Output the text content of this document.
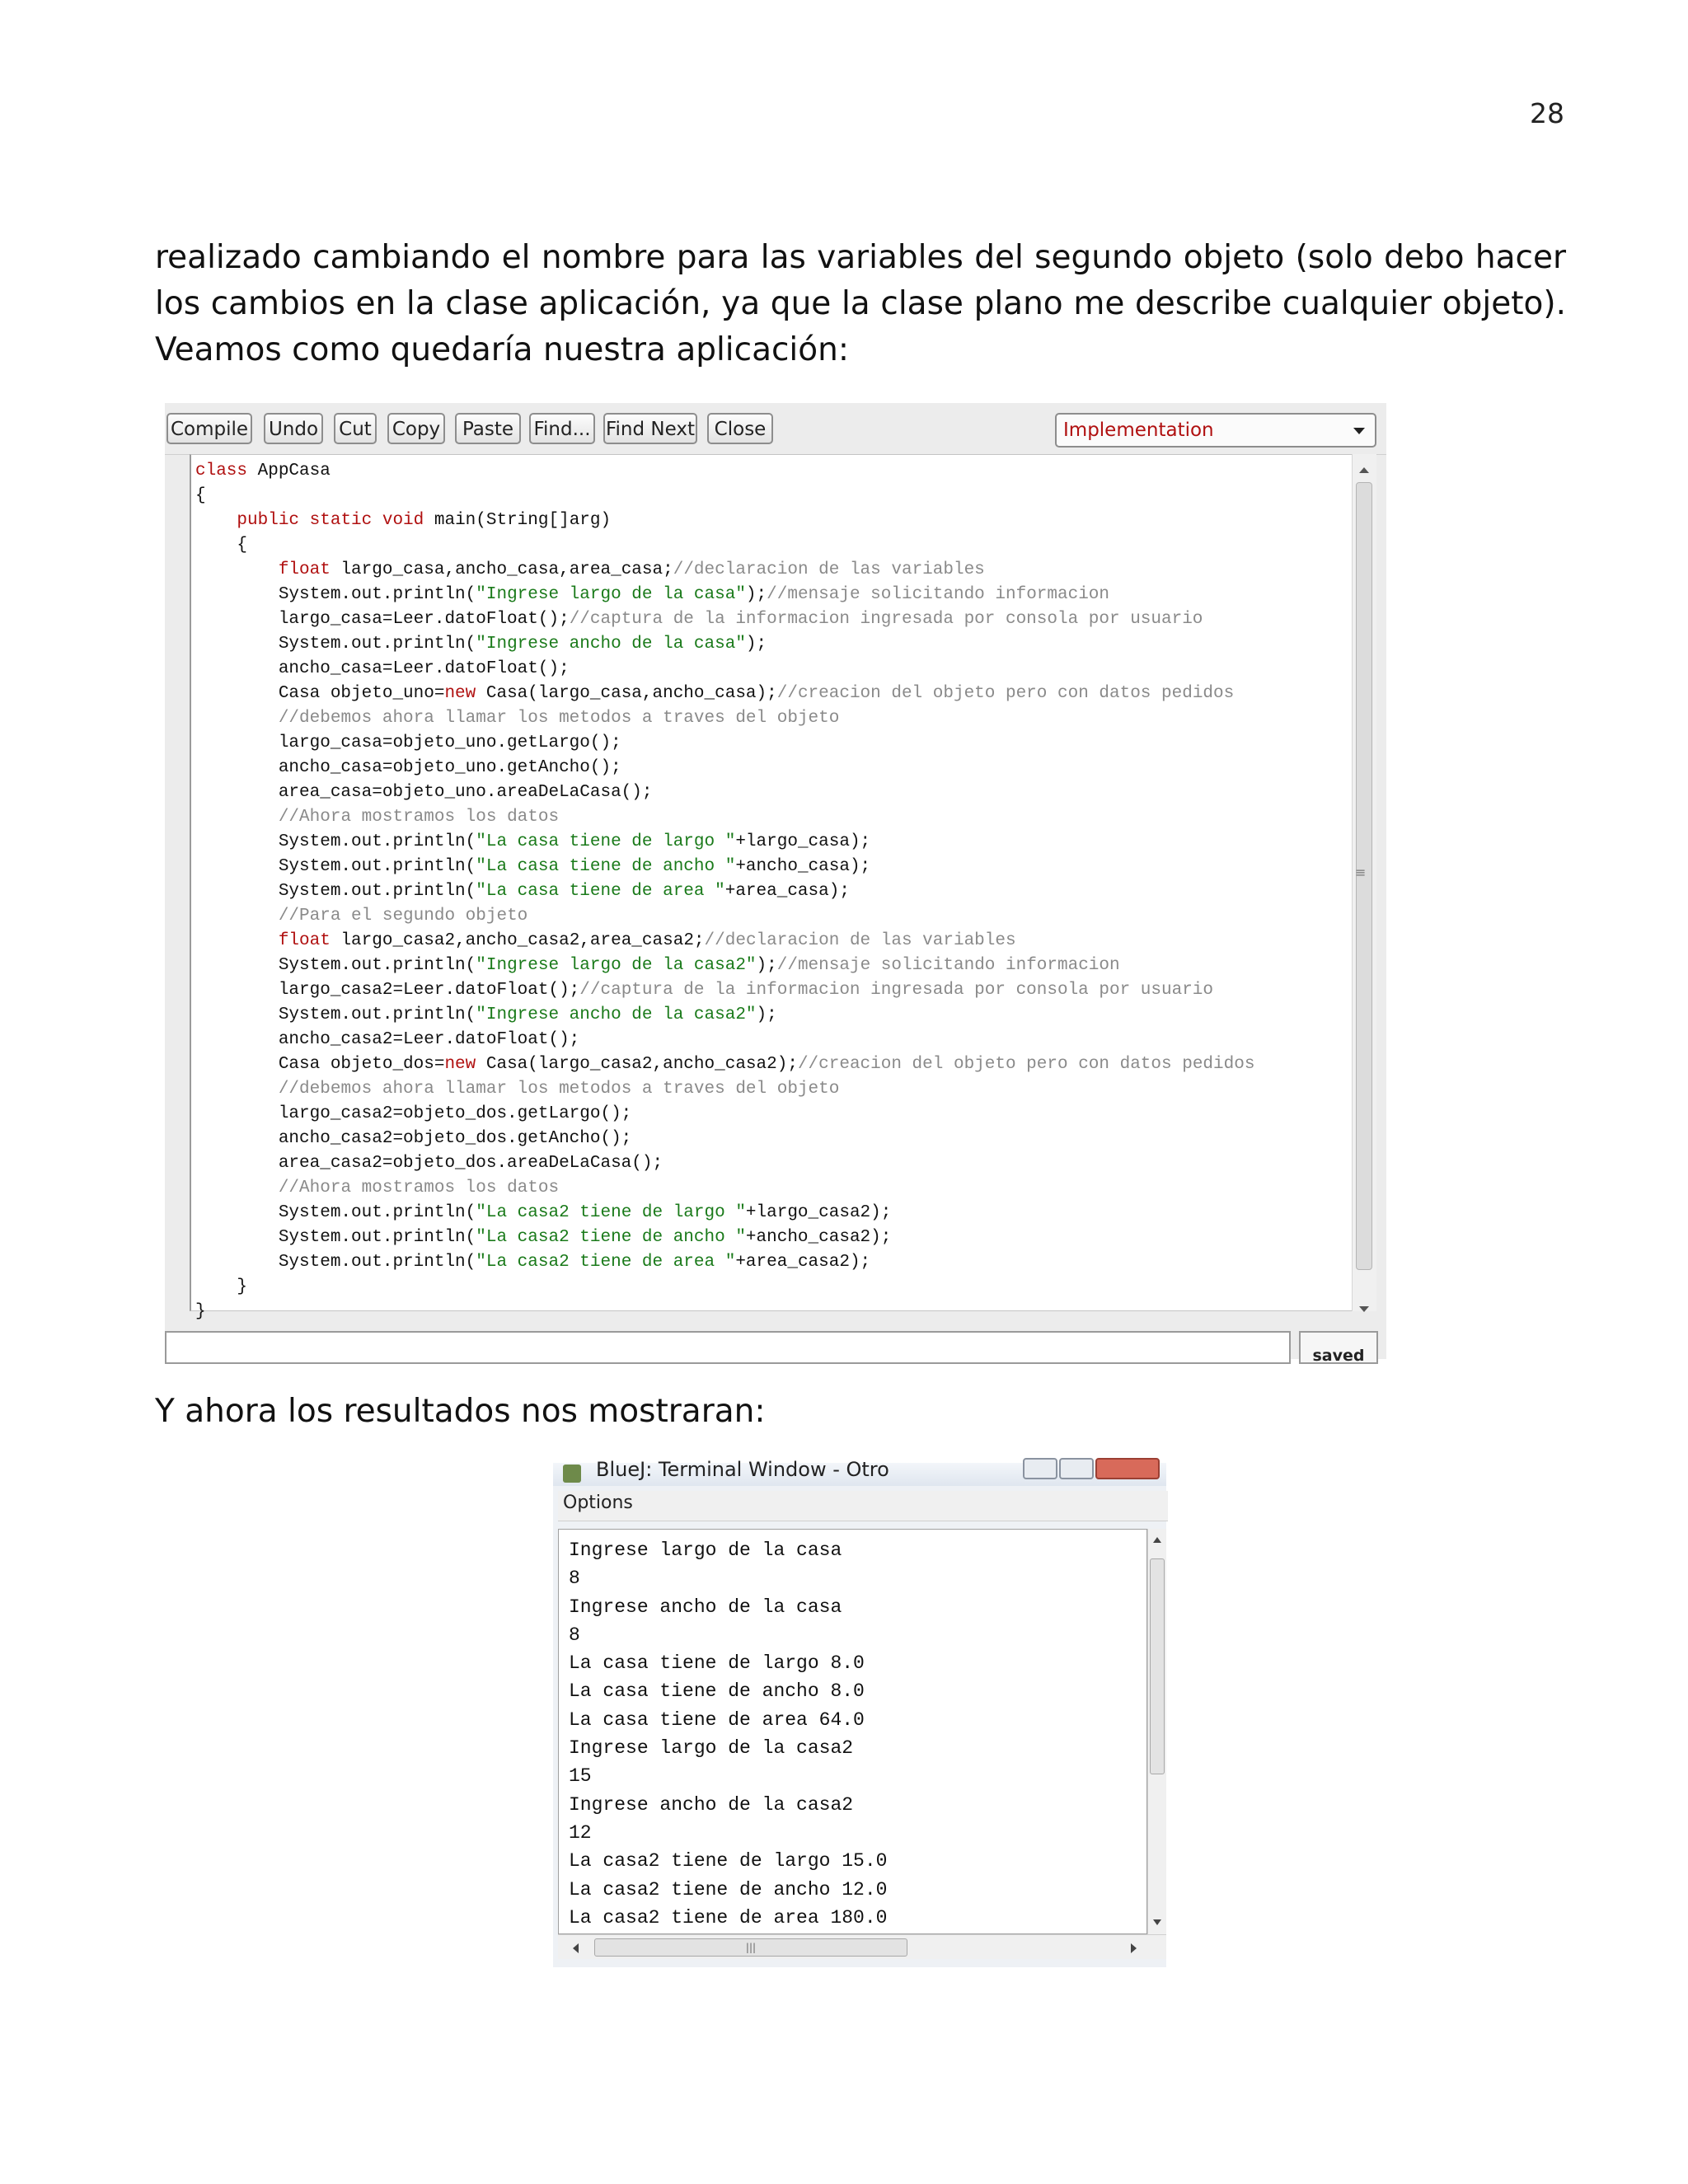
28

realizado cambiando el nombre para las variables del segundo objeto (solo debo hacer los cambios en la clase aplicación, ya que la clase plano me describe cualquier objeto). Veamos como quedaría nuestra aplicación:

Compile Undo Cut Copy	Paste	Find... Find Next	Close	Implementation
class AppCasa
{
public static void main(String[]arg)
{
float largo_casa,ancho_casa,area_casa;//declaracion de las variables
System.out.println("Ingrese largo de la casa");//mensaje solicitando informacion
largo_casa=Leer.datoFloat();//captura de la informacion ingresada por consola por usuario
System.out.println("Ingrese ancho de la casa");
ancho_casa=Leer.datoFloat();
Casa objeto_uno=new Casa(largo_casa,ancho_casa);//creacion del objeto pero con datos pedidos
//debemos ahora llamar los metodos a traves del objeto
largo_casa=objeto_uno.getLargo();
ancho_casa=objeto_uno.getAncho();
area_casa=objeto_uno.areaDeLaCasa();
//Ahora mostramos los datos
System.out.println("La casa tiene de largo "+largo_casa);
System.out.println("La casa tiene de ancho "+ancho_casa);
System.out.println("La casa tiene de area "+area_casa);
//Para el segundo objeto
float largo_casa2,ancho_casa2,area_casa2;//declaracion de las variables
System.out.println("Ingrese largo de la casa2");//mensaje solicitando informacion
largo_casa2=Leer.datoFloat();//captura de la informacion ingresada por consola por usuario
System.out.println("Ingrese ancho de la casa2");
ancho_casa2=Leer.datoFloat();
Casa objeto_dos=new Casa(largo_casa2,ancho_casa2);//creacion del objeto pero con datos pedidos
//debemos ahora llamar los metodos a traves del objeto
largo_casa2=objeto_dos.getLargo();
ancho_casa2=objeto_dos.getAncho();
area_casa2=objeto_dos.areaDeLaCasa();
//Ahora mostramos los datos
System.out.println("La casa2 tiene de largo "+largo_casa2);
System.out.println("La casa2 tiene de ancho "+ancho_casa2);
System.out.println("La casa2 tiene de area "+area_casa2);
}
}
≡
saved
Y ahora los resultados nos mostraran:
BlueJ: Terminal Window - Otro
Options
Ingrese largo de la casa
8
Ingrese ancho de la casa
8
La casa tiene de largo 8.0
La casa tiene de ancho 8.0
La casa tiene de area 64.0
Ingrese largo de la casa2
15
Ingrese ancho de la casa2
12
La casa2 tiene de largo 15.0
La casa2 tiene de ancho 12.0
La casa2 tiene de area 180.0
|||
